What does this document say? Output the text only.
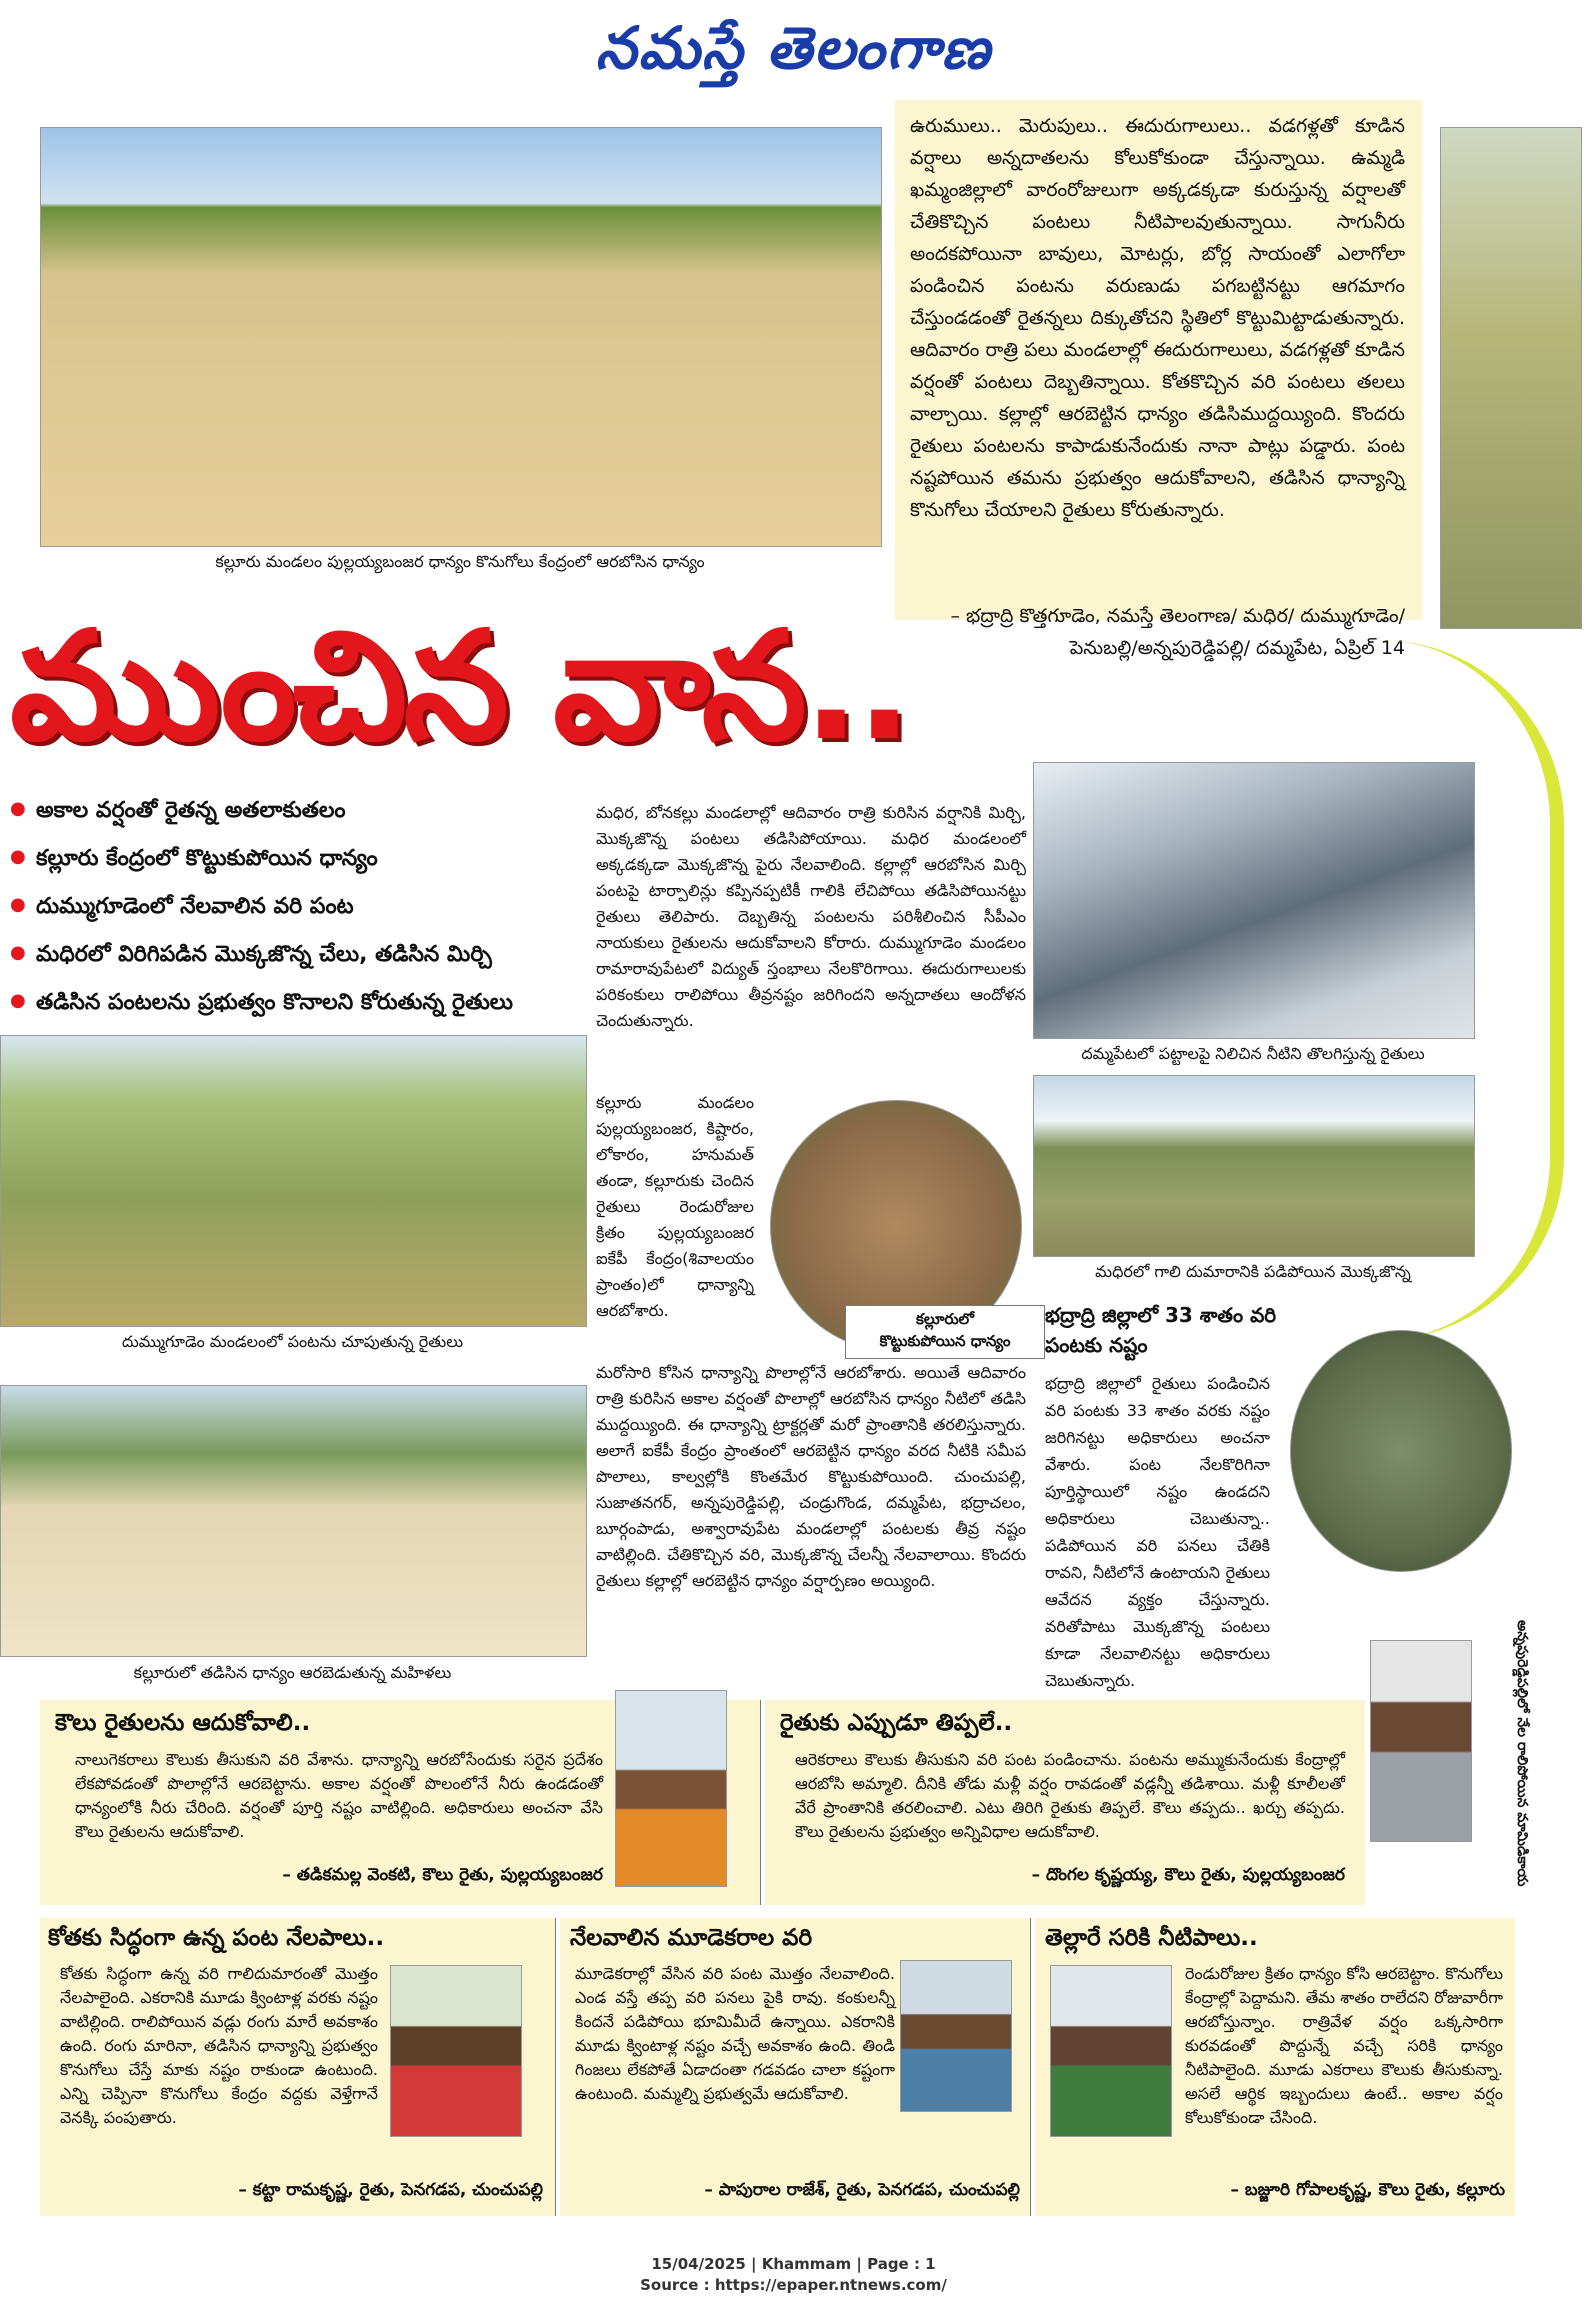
నమస్తే తెలంగాణ
కల్లూరు మండలం పుల్లయ్యబంజర ధాన్యం కొనుగోలు కేంద్రంలో ఆరబోసిన ధాన్యం
ఉరుములు.. మెరుపులు.. ఈదురుగాలులు.. వడగళ్లతో కూడిన వర్షాలు అన్నదాతలను కోలుకోకుండా చేస్తున్నాయి. ఉమ్మడి ఖమ్మంజిల్లాలో వారంరోజులుగా అక్కడక్కడా కురుస్తున్న వర్షాలతో చేతికొచ్చిన పంటలు నీటిపాలవుతున్నాయి. సాగునీరు అందకపోయినా బావులు, మోటర్లు, బోర్ల సాయంతో ఎలాగోలా పండించిన పంటను వరుణుడు పగబట్టినట్టు ఆగమాగం చేస్తుండడంతో రైతన్నలు దిక్కుతోచని స్థితిలో కొట్టుమిట్టాడుతున్నారు. ఆదివారం రాత్రి పలు మండలాల్లో ఈదురుగాలులు, వడగళ్లతో కూడిన వర్షంతో పంటలు దెబ్బతిన్నాయి. కోతకొచ్చిన వరి పంటలు తలలు వాల్చాయి. కల్లాల్లో ఆరబెట్టిన ధాన్యం తడిసిముద్దయ్యింది. కొందరు రైతులు పంటలను కాపాడుకునేందుకు నానా పాట్లు పడ్డారు. పంట నష్టపోయిన తమను ప్రభుత్వం ఆదుకోవాలని, తడిసిన ధాన్యాన్ని కొనుగోలు చేయాలని రైతులు కోరుతున్నారు.
– భద్రాద్రి కొత్తగూడెం, నమస్తే తెలంగాణ/ మధిర/ దుమ్ముగూడెం/ పెనుబల్లి/అన్నపురెడ్డిపల్లి/ దమ్మపేట, ఏప్రిల్ 14
ముంచిన వాన..
● అకాల వర్షంతో రైతన్న అతలాకుతలం
● కల్లూరు కేంద్రంలో కొట్టుకుపోయిన ధాన్యం
● దుమ్ముగూడెంలో నేలవాలిన వరి పంట
● మధిరలో విరిగిపడిన మొక్కజొన్న చేలు, తడిసిన మిర్చి
● తడిసిన పంటలను ప్రభుత్వం కొనాలని కోరుతున్న రైతులు
దుమ్ముగూడెం మండలంలో పంటను చూపుతున్న రైతులు
కల్లూరులో తడిసిన ధాన్యం ఆరబెడుతున్న మహిళలు
మధిర, బోనకల్లు మండలాల్లో ఆదివారం రాత్రి కురిసిన వర్షానికి మిర్చి, మొక్కజొన్న పంటలు తడిసిపోయాయి. మధిర మండలంలో అక్కడక్కడా మొక్కజొన్న పైరు నేలవాలింది. కల్లాల్లో ఆరబోసిన మిర్చి పంటపై టార్పాలిన్లు కప్పినప్పటికీ గాలికి లేచిపోయి తడిసిపోయినట్టు రైతులు తెలిపారు. దెబ్బతిన్న పంటలను పరిశీలించిన సీపీఎం నాయకులు రైతులను ఆదుకోవాలని కోరారు. దుమ్ముగూడెం మండలం రామారావుపేటలో విద్యుత్ స్తంభాలు నేలకొరిగాయి. ఈదురుగాలులకు పరికంకులు రాలిపోయి తీవ్రనష్టం జరిగిందని అన్నదాతలు ఆందోళన చెందుతున్నారు.
కల్లూరు మండలం పుల్లయ్యబంజర, కిష్టారం, లోకారం, హనుమత్ తండా, కల్లూరుకు చెందిన రైతులు రెండురోజుల క్రితం పుల్లయ్యబంజర ఐకేపీ కేంద్రం(శివాలయం ప్రాంతం)లో ధాన్యాన్ని ఆరబోశారు.	కల్లూరులో
కొట్టుకుపోయిన ధాన్యం
మరోసారి కోసిన ధాన్యాన్ని పొలాల్లోనే ఆరబోశారు. అయితే ఆదివారం రాత్రి కురిసిన అకాల వర్షంతో పొలాల్లో ఆరబోసిన ధాన్యం నీటిలో తడిసి ముద్దయ్యింది. ఈ ధాన్యాన్ని ట్రాక్టర్లతో మరో ప్రాంతానికి తరలిస్తున్నారు. అలాగే ఐకేపీ కేంద్రం ప్రాంతంలో ఆరబెట్టిన ధాన్యం వరద నీటికి సమీప పొలాలు, కాల్వల్లోకి కొంతమేర కొట్టుకుపోయింది. చుంచుపల్లి, సుజాతనగర్, అన్నపురెడ్డిపల్లి, చండ్రుగొండ, దమ్మపేట, భద్రాచలం, బూర్గంపాడు, అశ్వారావుపేట మండలాల్లో పంటలకు తీవ్ర నష్టం వాటిల్లింది. చేతికొచ్చిన వరి, మొక్కజొన్న చేలన్నీ నేలవాలాయి. కొందరు రైతులు కల్లాల్లో ఆరబెట్టిన ధాన్యం వర్షార్పణం అయ్యింది.
దమ్మపేటలో పట్టాలపై నిలిచిన నీటిని తొలగిస్తున్న రైతులు
మధిరలో గాలి దుమారానికి పడిపోయిన మొక్కజొన్న
భద్రాద్రి జిల్లాలో 33 శాతం వరి పంటకు నష్టం
భద్రాద్రి జిల్లాలో రైతులు పండించిన వరి పంటకు 33 శాతం వరకు నష్టం జరిగినట్టు అధికారులు అంచనా వేశారు. పంట నేలకొరిగినా పూర్తిస్థాయిలో నష్టం ఉండదని అధికారులు చెబుతున్నా.. పడిపోయిన వరి పనలు చేతికి రావని, నీటిలోనే ఉంటాయని రైతులు ఆవేదన వ్యక్తం చేస్తున్నారు. వరితోపాటు మొక్కజొన్న పంటలు కూడా నేలవాలినట్టు అధికారులు చెబుతున్నారు.	అన్నపురెడ్డిపల్లిలో నేల రాలిపోయిన మామిడికాయ
కౌలు రైతులను ఆదుకోవాలి..
నాలుగెకరాలు కౌలుకు తీసుకుని వరి వేశాను. ధాన్యాన్ని ఆరబోసేందుకు సరైన ప్రదేశం లేకపోవడంతో పొలాల్లోనే ఆరబెట్టాను. అకాల వర్షంతో పొలంలోనే నీరు ఉండడంతో ధాన్యంలోకి నీరు చేరింది. వర్షంతో పూర్తి నష్టం వాటిల్లింది. అధికారులు అంచనా వేసి కౌలు రైతులను ఆదుకోవాలి.
– తడికమల్ల వెంకటి, కౌలు రైతు, పుల్లయ్యబంజర
రైతుకు ఎప్పుడూ తిప్పలే..
ఆరెకరాలు కౌలుకు తీసుకుని వరి పంట పండించాను. పంటను అమ్ముకునేందుకు కేంద్రాల్లో ఆరబోసి అమ్మాలి. దీనికి తోడు మళ్లీ వర్షం రావడంతో వడ్లన్నీ తడిశాయి. మళ్లీ కూలీలతో వేరే ప్రాంతానికి తరలించాలి. ఎటు తిరిగి రైతుకు తిప్పలే. కౌలు తప్పదు.. ఖర్చు తప్పదు. కౌలు రైతులను ప్రభుత్వం అన్నివిధాల ఆదుకోవాలి.
– దొంగల కృష్ణయ్య, కౌలు రైతు, పుల్లయ్యబంజర
కోతకు సిద్ధంగా ఉన్న పంట నేలపాలు..
కోతకు సిద్ధంగా ఉన్న వరి గాలిదుమారంతో మొత్తం నేలపాలైంది. ఎకరానికి మూడు క్వింటాళ్ల వరకు నష్టం వాటిల్లింది. రాలిపోయిన వడ్లు రంగు మారే అవకాశం ఉంది. రంగు మారినా, తడిసిన ధాన్యాన్ని ప్రభుత్వం కొనుగోలు చేస్తే మాకు నష్టం రాకుండా ఉంటుంది. ఎన్ని చెప్పినా కొనుగోలు కేంద్రం వద్దకు వెళ్తేగానే వెనక్కి పంపుతారు.
– కట్టా రామకృష్ణ, రైతు, పెనగడప, చుంచుపల్లి
నేలవాలిన మూడెకరాల వరి
మూడెకరాల్లో వేసిన వరి పంట మొత్తం నేలవాలింది. ఎండ వస్తే తప్ప వరి పనలు పైకి రావు. కంకులన్నీ కిందనే పడిపోయి భూమిమీదే ఉన్నాయి. ఎకరానికి మూడు క్వింటాళ్ల నష్టం వచ్చే అవకాశం ఉంది. తిండి గింజలు లేకపోతే ఏడాదంతా గడవడం చాలా కష్టంగా ఉంటుంది. మమ్మల్ని ప్రభుత్వమే ఆదుకోవాలి.
– పాపురాల రాజేశ్, రైతు, పెనగడప, చుంచుపల్లి
తెల్లారే సరికి నీటిపాలు..
రెండురోజుల క్రితం ధాన్యం కోసి ఆరబెట్టాం. కొనుగోలు కేంద్రాల్లో పెద్దామని. తేమ శాతం రాలేదని రోజువారీగా ఆరబోస్తున్నాం. రాత్రివేళ వర్షం ఒక్కసారిగా కురవడంతో పొద్దున్నే వచ్చే సరికి ధాన్యం నీటిపాలైంది. మూడు ఎకరాలు కౌలుకు తీసుకున్నా. అసలే ఆర్థిక ఇబ్బందులు ఉంటే.. అకాల వర్షం కోలుకోకుండా చేసింది.
– బజ్జూరి గోపాలకృష్ణ, కౌలు రైతు, కల్లూరు
15/04/2025 | Khammam | Page : 1
Source : https://epaper.ntnews.com/
